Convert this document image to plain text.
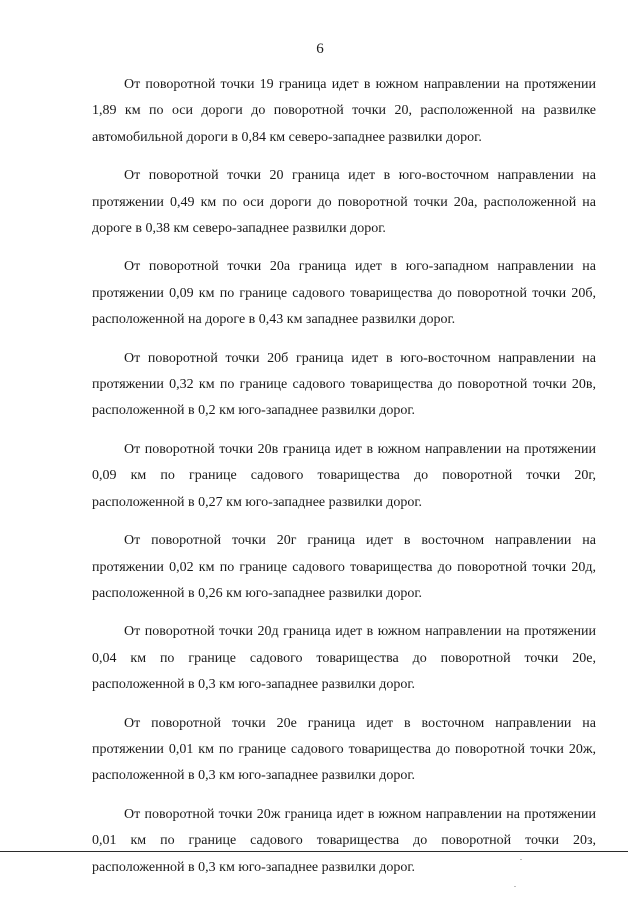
6

От поворотной точки 19 граница идет в южном направлении на протяжении 1,89 км по оси дороги до поворотной точки 20, расположенной на развилке автомобильной дороги в 0,84 км северо-западнее развилки дорог.

От поворотной точки 20 граница идет в юго-восточном направлении на протяжении 0,49 км по оси дороги до поворотной точки 20а, расположенной на дороге в 0,38 км северо-западнее развилки дорог.

От поворотной точки 20а граница идет в юго-западном направлении на протяжении 0,09 км по границе садового товарищества до поворотной точки 20б, расположенной на дороге в 0,43 км западнее развилки дорог.

От поворотной точки 20б граница идет в юго-восточном направлении на протяжении 0,32 км по границе садового товарищества до поворотной точки 20в, расположенной в 0,2 км юго-западнее развилки дорог.

От поворотной точки 20в граница идет в южном направлении на протяжении 0,09 км по границе садового товарищества до поворотной точки 20г, расположенной в 0,27 км юго-западнее развилки дорог.

От поворотной точки 20г граница идет в восточном направлении на протяжении 0,02 км по границе садового товарищества до поворотной точки 20д, расположенной в 0,26 км юго-западнее развилки дорог.

От поворотной точки 20д граница идет в южном направлении на протяжении 0,04 км по границе садового товарищества до поворотной точки 20е, расположенной в 0,3 км юго-западнее развилки дорог.

От поворотной точки 20е граница идет в восточном направлении на протяжении 0,01 км по границе садового товарищества до поворотной точки 20ж, расположенной в 0,3 км юго-западнее развилки дорог.

От поворотной точки 20ж граница идет в южном направлении на протяжении 0,01 км по границе садового товарищества до поворотной точки 20з, расположенной в 0,3 км юго-западнее развилки дорог.
